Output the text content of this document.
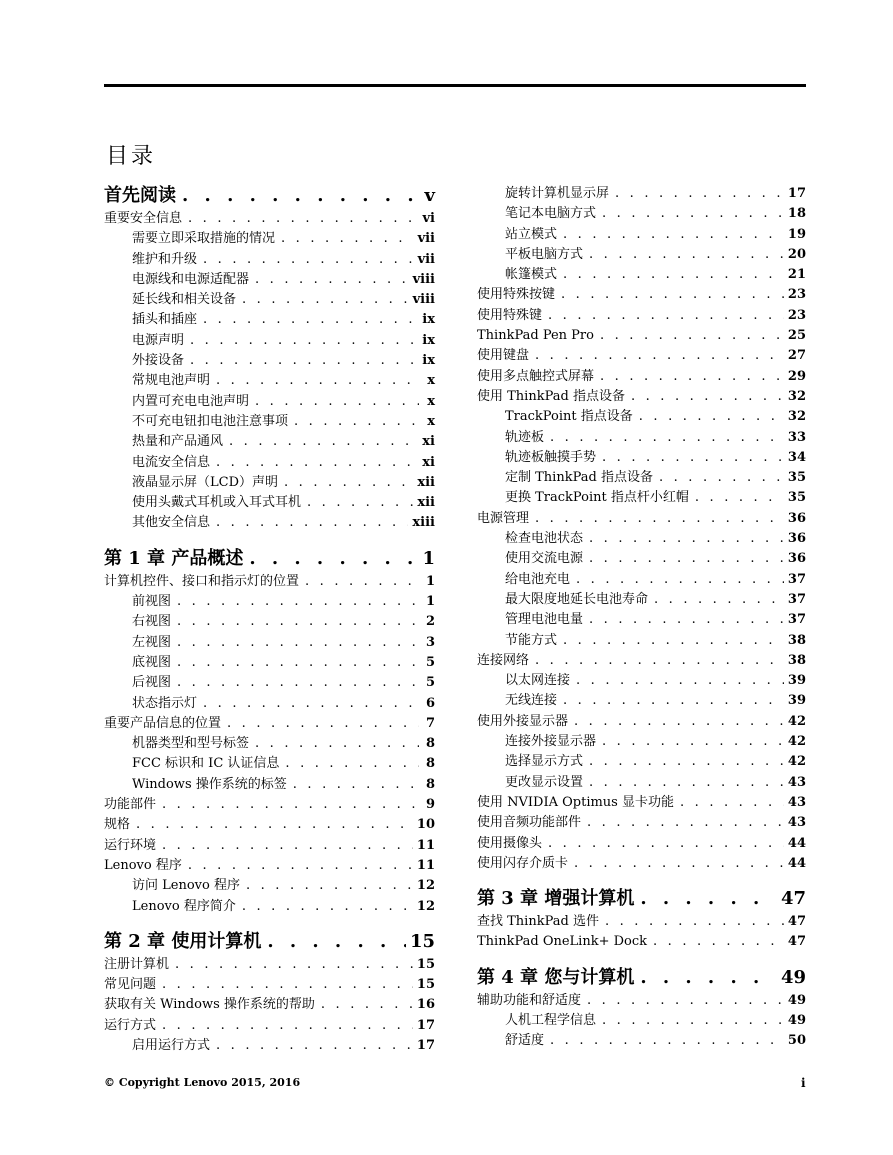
目录
首先阅读 . . .	v
重要安全信息 . . .	vi
需要立即采取措施的情况 . . .	vii
维护和升级 . . .	vii
电源线和电源适配器 . . .	viii
延长线和相关设备 . . .	viii
插头和插座 . . .	ix
电源声明 . . .	ix
外接设备 . . .	ix
常规电池声明 . . .	x
内置可充电电池声明 . . .	x
不可充电钮扣电池注意事项 . . .	x
热量和产品通风 . . .	xi
电流安全信息 . . .	xi
液晶显示屏（LCD）声明 . . .	xii
使用头戴式耳机或入耳式耳机 . . .	xii
其他安全信息 . . .	xiii
第 1 章 产品概述 . . .	1
计算机控件、接口和指示灯的位置 . . .	1
前视图 . . .	1
右视图 . . .	2
左视图 . . .	3
底视图 . . .	5
后视图 . . .	5
状态指示灯 . . .	6
重要产品信息的位置 . . .	7
机器类型和型号标签 . . .	8
FCC 标识和 IC 认证信息 . . .	8
Windows 操作系统的标签 . . .	8
功能部件 . . .	9
规格 . . .	10
运行环境 . . .	11
Lenovo 程序 . . .	11
访问 Lenovo 程序 . . .	12
Lenovo 程序简介 . . .	12
第 2 章 使用计算机 . . .	15
注册计算机 . . .	15
常见问题 . . .	15
获取有关 Windows 操作系统的帮助 . . .	16
运行方式 . . .	17
启用运行方式 . . .	17
旋转计算机显示屏 . . .	17
笔记本电脑方式 . . .	18
站立模式 . . .	19
平板电脑方式 . . .	20
帐篷模式 . . .	21
使用特殊按键 . . .	23
使用特殊键 . . .	23
ThinkPad Pen Pro . . .	25
使用键盘 . . .	27
使用多点触控式屏幕 . . .	29
使用 ThinkPad 指点设备 . . .	32
TrackPoint 指点设备 . . .	32
轨迹板 . . .	33
轨迹板触摸手势 . . .	34
定制 ThinkPad 指点设备 . . .	35
更换 TrackPoint 指点杆小红帽 . . .	35
电源管理 . . .	36
检查电池状态 . . .	36
使用交流电源 . . .	36
给电池充电 . . .	37
最大限度地延长电池寿命 . . .	37
管理电池电量 . . .	37
节能方式 . . .	38
连接网络 . . .	38
以太网连接 . . .	39
无线连接 . . .	39
使用外接显示器 . . .	42
连接外接显示器 . . .	42
选择显示方式 . . .	42
更改显示设置 . . .	43
使用 NVIDIA Optimus 显卡功能 . . .	43
使用音频功能部件 . . .	43
使用摄像头 . . .	44
使用闪存介质卡 . . .	44
第 3 章 增强计算机 . . .	47
查找 ThinkPad 选件 . . .	47
ThinkPad OneLink+ Dock . . .	47
第 4 章 您与计算机 . . .	49
辅助功能和舒适度 . . .	49
人机工程学信息 . . .	49
舒适度 . . .	50
© Copyright Lenovo 2015, 2016	i
